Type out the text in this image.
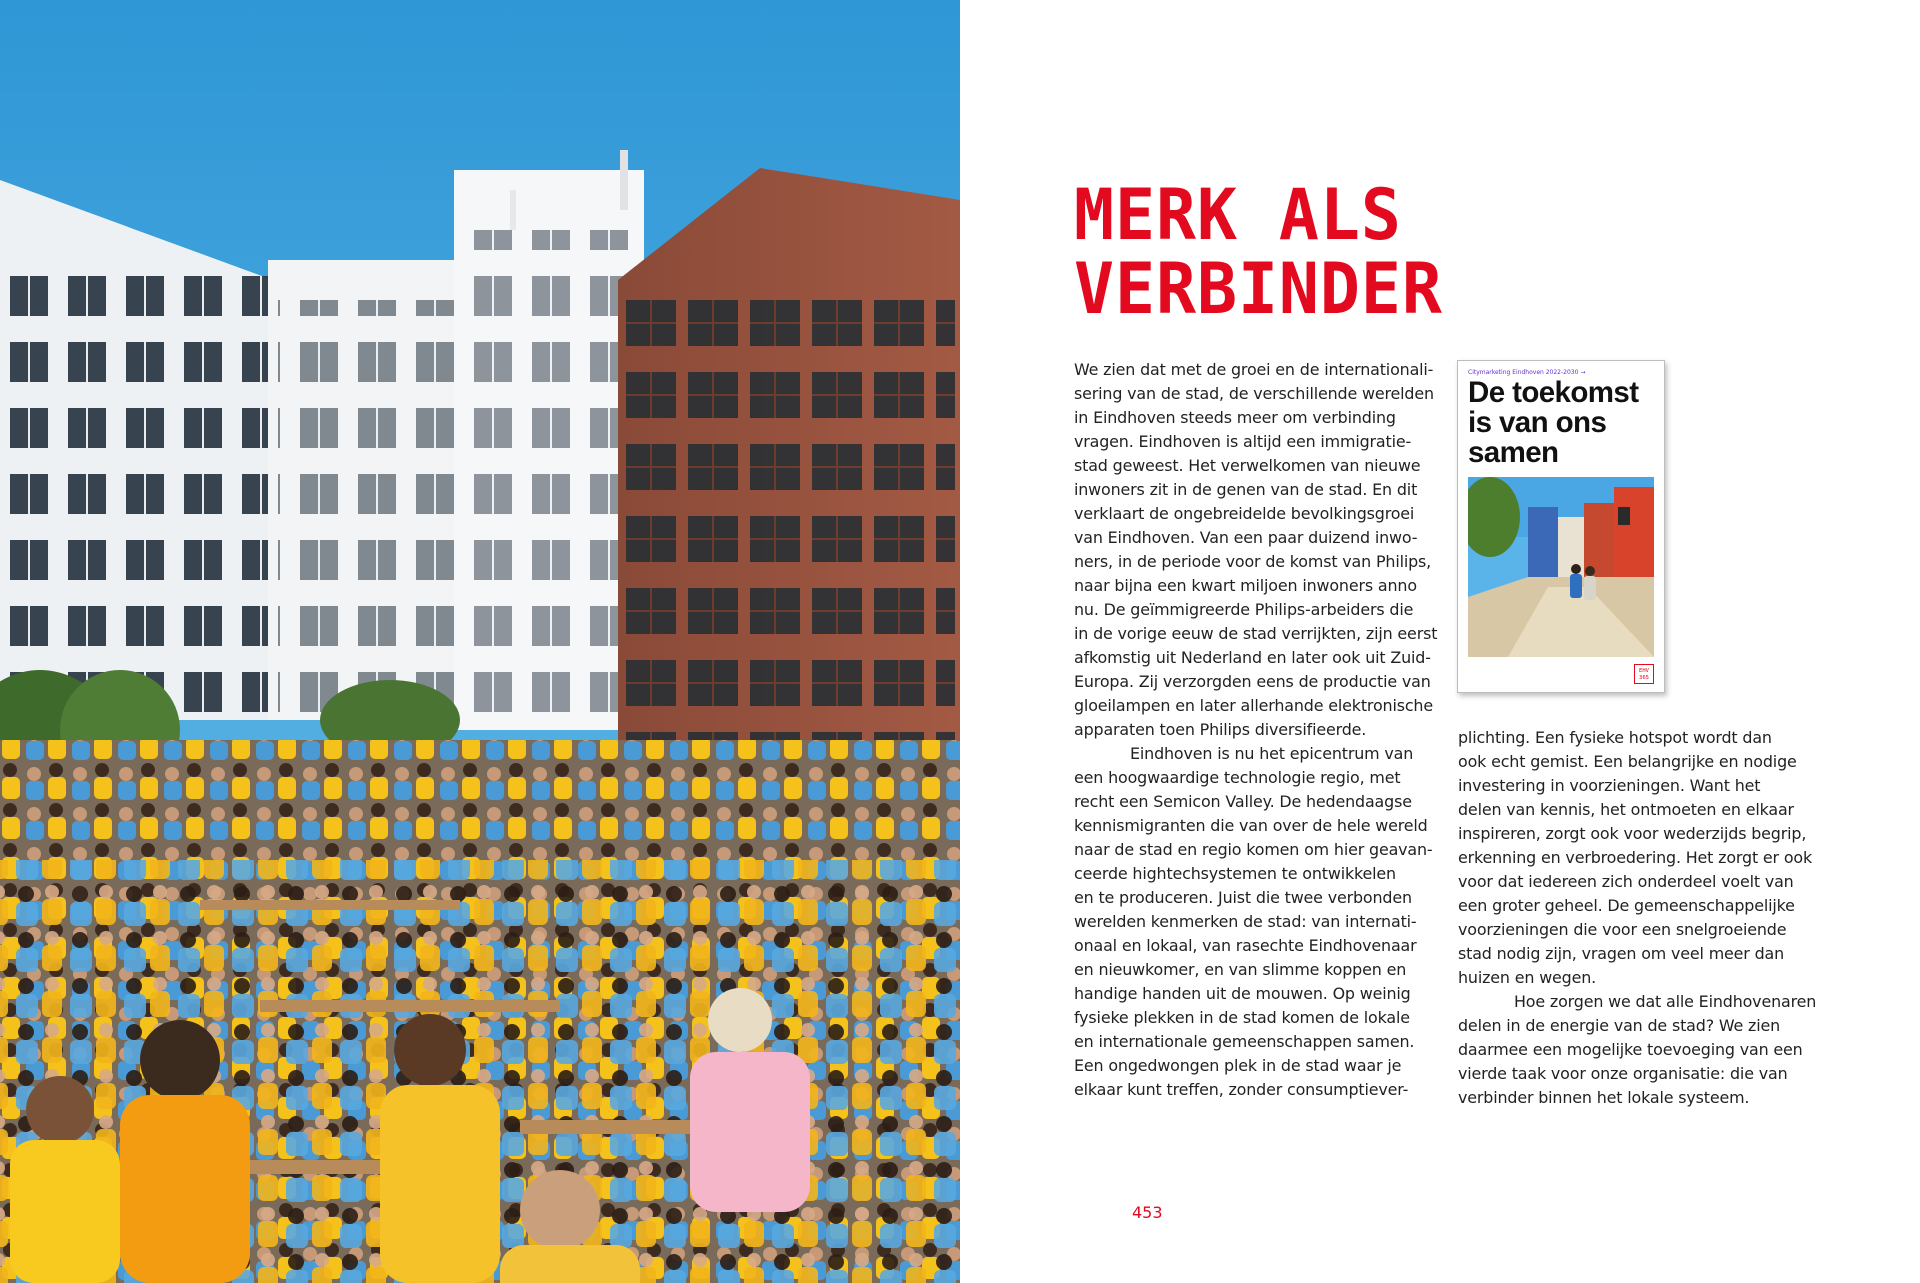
MERK ALS
VERBINDER
We zien dat met de groei en de internationali-
sering van de stad, de verschillende werelden
in Eindhoven steeds meer om verbinding
vragen. Eindhoven is altijd een immigratie-
stad geweest. Het verwelkomen van nieuwe
inwoners zit in de genen van de stad. En dit
verklaart de ongebreidelde bevolkingsgroei
van Eindhoven. Van een paar duizend inwo-
ners, in de periode voor de komst van Philips,
naar bijna een kwart miljoen inwoners anno
nu. De geïmmigreerde Philips-arbeiders die
in de vorige eeuw de stad verrijkten, zijn eerst
afkomstig uit Nederland en later ook uit Zuid-
Europa. Zij verzorgden eens de productie van
gloeilampen en later allerhande elektronische
apparaten toen Philips diversifieerde.
Eindhoven is nu het epicentrum van
een hoogwaardige technologie regio, met
recht een Semicon Valley. De hedendaagse
kennismigranten die van over de hele wereld
naar de stad en regio komen om hier geavan-
ceerde hightechsystemen te ontwikkelen
en te produceren. Juist die twee verbonden
werelden kenmerken de stad: van internati-
onaal en lokaal, van rasechte Eindhovenaar
en nieuwkomer, en van slimme koppen en
handige handen uit de mouwen. Op weinig
fysieke plekken in de stad komen de lokale
en internationale gemeenschappen samen.
Een ongedwongen plek in de stad waar je
elkaar kunt treffen, zonder consumptiever-
Citymarketing Eindhoven 2022-2030 →
De toekomst
is van ons
samen
EHV
365
plichting. Een fysieke hotspot wordt dan
ook echt gemist. Een belangrijke en nodige
investering in voorzieningen. Want het
delen van kennis, het ontmoeten en elkaar
inspireren, zorgt ook voor wederzijds begrip,
erkenning en verbroedering. Het zorgt er ook
voor dat iedereen zich onderdeel voelt van
een groter geheel. De gemeenschappelijke
voorzieningen die voor een snelgroeiende
stad nodig zijn, vragen om veel meer dan
huizen en wegen.
Hoe zorgen we dat alle Eindhovenaren
delen in de energie van de stad? We zien
daarmee een mogelijke toevoeging van een
vierde taak voor onze organisatie: die van
verbinder binnen het lokale systeem.
453
